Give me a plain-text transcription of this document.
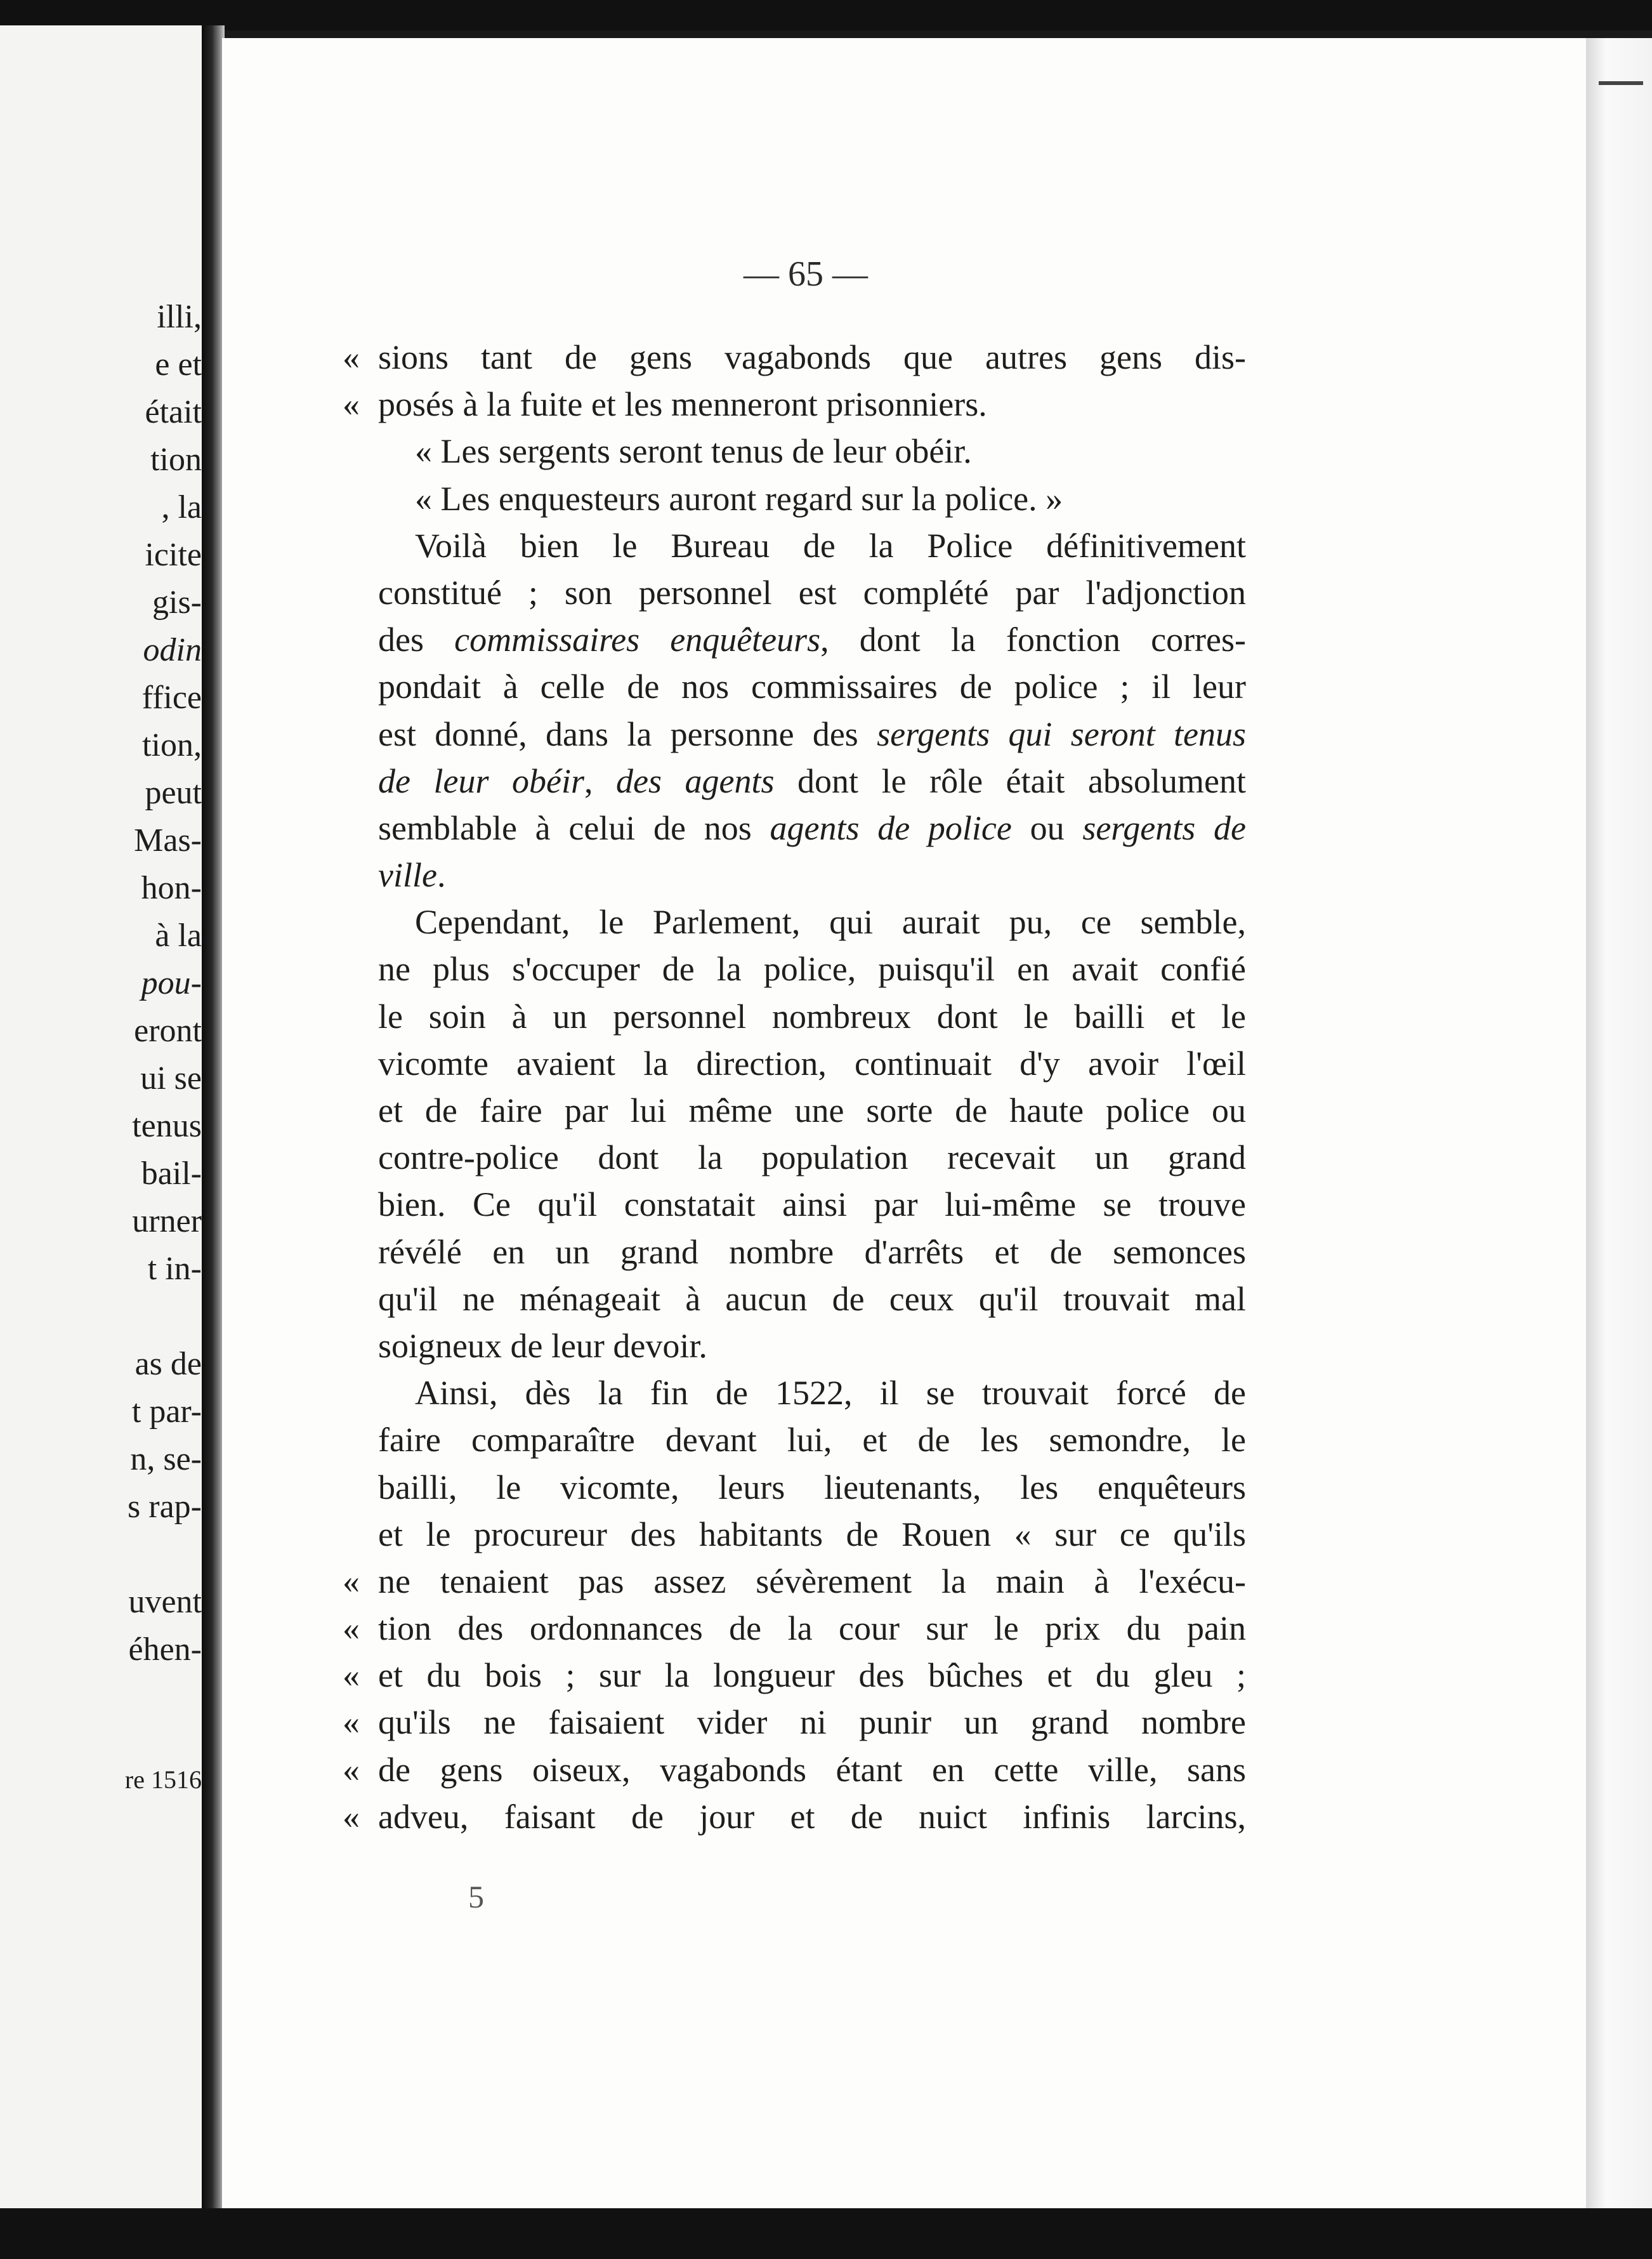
illi,
e et
était
tion
, la
icite
gis-
odin
ffice
tion,
peut
Mas-
hon-
à la
pou-
eront
ui se
tenus
bail-
urner
t in-
as de
t par-
n, se-
s rap-
uvent
éhen-
re 1516
— 65 —
« sions tant de gens vagabonds que autres gens dis-
« posés à la fuite et les menneront prisonniers.
« Les sergents seront tenus de leur obéir.
« Les enquesteurs auront regard sur la police. »
Voilà bien le Bureau de la Police définitivement
constitué ; son personnel est complété par l'adjonction
des commissaires enquêteurs, dont la fonction corres-
pondait à celle de nos commissaires de police ; il leur
est donné, dans la personne des sergents qui seront tenus
de leur obéir, des agents dont le rôle était absolument
semblable à celui de nos agents de police ou sergents de
ville.
Cependant, le Parlement, qui aurait pu, ce semble,
ne plus s'occuper de la police, puisqu'il en avait confié
le soin à un personnel nombreux dont le bailli et le
vicomte avaient la direction, continuait d'y avoir l'œil
et de faire par lui même une sorte de haute police ou
contre-police dont la population recevait un grand
bien. Ce qu'il constatait ainsi par lui-même se trouve
révélé en un grand nombre d'arrêts et de semonces
qu'il ne ménageait à aucun de ceux qu'il trouvait mal
soigneux de leur devoir.
Ainsi, dès la fin de 1522, il se trouvait forcé de
faire comparaître devant lui, et de les semondre, le
bailli, le vicomte, leurs lieutenants, les enquêteurs
et le procureur des habitants de Rouen « sur ce qu'ils
« ne tenaient pas assez sévèrement la main à l'exécu-
« tion des ordonnances de la cour sur le prix du pain
« et du bois ; sur la longueur des bûches et du gleu ;
« qu'ils ne faisaient vider ni punir un grand nombre
« de gens oiseux, vagabonds étant en cette ville, sans
« adveu, faisant de jour et de nuict infinis larcins,
5
